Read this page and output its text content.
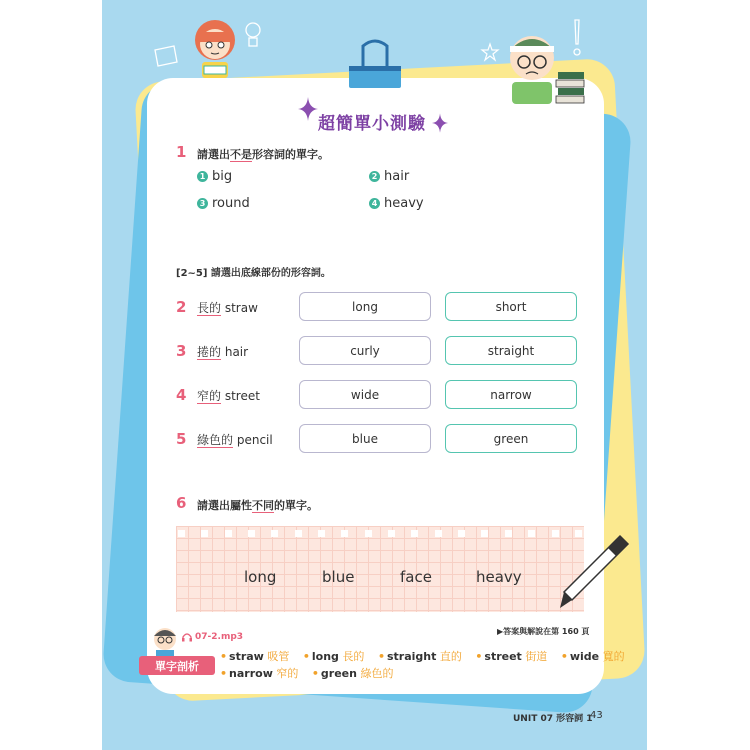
超簡單小測驗
1 請選出不是形容詞的單字。
1 big	2 hair
3 round	4 heavy
[2~5] 請選出底線部份的形容詞。
2 長的 straw	long	short
3 捲的 hair	curly	straight
4 窄的 street	wide	narrow
5 綠色的 pencil	blue	green
6 請選出屬性不同的單字。
long	blue	face	heavy
▶答案與解說在第 160 頁
07-2.mp3
單字剖析
• straw 吸管 • long 長的 • straight 直的 • street 街道 • wide 寬的
• narrow 窄的 • green 綠色的
UNIT 07 形容詞 1
43
